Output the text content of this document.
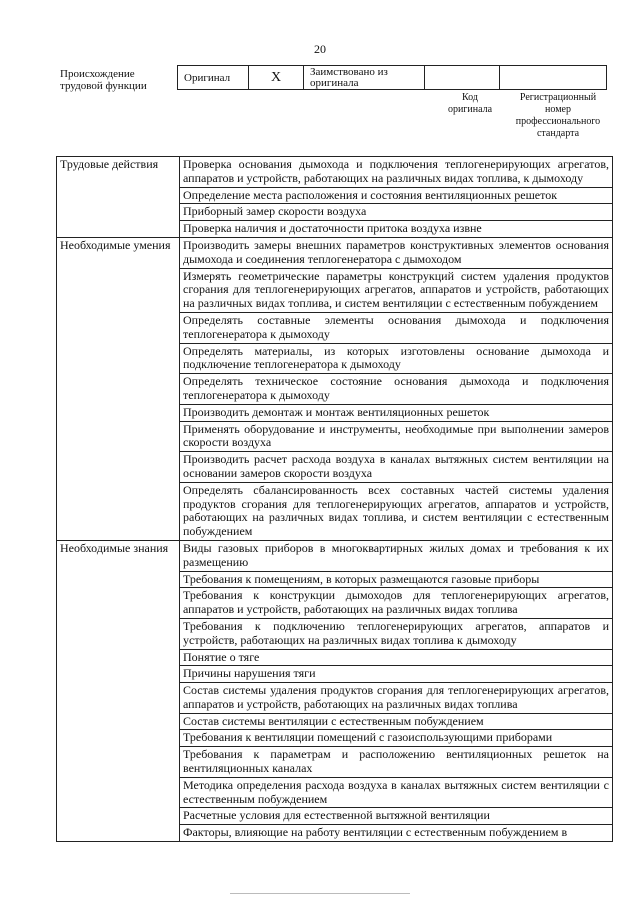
20
Происхождение трудовой функции
Оригинал	X	Заимствовано из оригинала		
Код оригинала
Регистрационный номер профессионального стандарта
Трудовые действия	Проверка основания дымохода и подключения теплогенерирующих агрегатов, аппаратов и устройств, работающих на различных видах топлива, к дымоходу
	Определение места расположения и состояния вентиляционных решеток
	Приборный замер скорости воздуха
	Проверка наличия и достаточности притока воздуха извне
Необходимые умения	Производить замеры внешних параметров конструктивных элементов основания дымохода и соединения теплогенератора с дымоходом
	Измерять геометрические параметры конструкций систем удаления продуктов сгорания для теплогенерирующих агрегатов, аппаратов и устройств, работающих на различных видах топлива, и систем вентиляции с естественным побуждением
	Определять составные элементы основания дымохода и подключения теплогенератора к дымоходу
	Определять материалы, из которых изготовлены основание дымохода и подключение теплогенератора к дымоходу
	Определять техническое состояние основания дымохода и подключения теплогенератора к дымоходу
	Производить демонтаж и монтаж вентиляционных решеток
	Применять оборудование и инструменты, необходимые при выполнении замеров скорости воздуха
	Производить расчет расхода воздуха в каналах вытяжных систем вентиляции на основании замеров скорости воздуха
	Определять сбалансированность всех составных частей системы удаления продуктов сгорания для теплогенерирующих агрегатов, аппаратов и устройств, работающих на различных видах топлива, и систем вентиляции с естественным побуждением
Необходимые знания	Виды газовых приборов в многоквартирных жилых домах и требования к их размещению
	Требования к помещениям, в которых размещаются газовые приборы
	Требования к конструкции дымоходов для теплогенерирующих агрегатов, аппаратов и устройств, работающих на различных видах топлива
	Требования к подключению теплогенерирующих агрегатов, аппаратов и устройств, работающих на различных видах топлива к дымоходу
	Понятие о тяге
	Причины нарушения тяги
	Состав системы удаления продуктов сгорания для теплогенерирующих агрегатов, аппаратов и устройств, работающих на различных видах топлива
	Состав системы вентиляции с естественным побуждением
	Требования к вентиляции помещений с газоиспользующими приборами
	Требования к параметрам и расположению вентиляционных решеток на вентиляционных каналах
	Методика определения расхода воздуха в каналах вытяжных систем вентиляции с естественным побуждением
	Расчетные условия для естественной вытяжной вентиляции
	Факторы, влияющие на работу вентиляции с естественным побуждением в
